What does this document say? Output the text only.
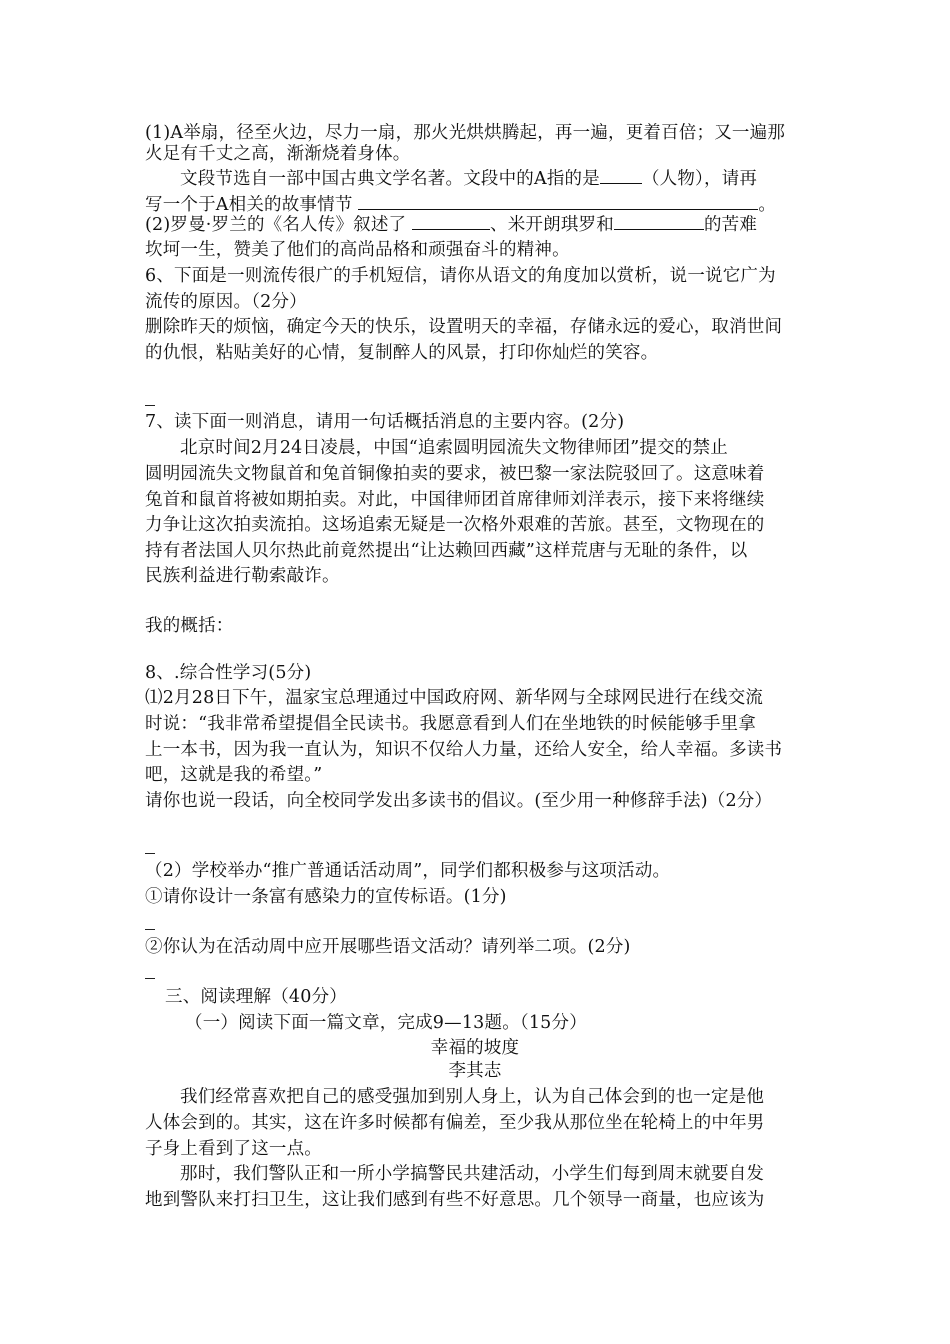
(1)A举扇，径至火边，尽力一扇，那火光烘烘腾起，再一遍，更着百倍；又一遍那
火足有千丈之高，渐渐烧着身体。
文段节选自一部中国古典文学名著。文段中的A指的是 （人物），请再
写一个于A相关的故事情节	。
(2)罗曼·罗兰的《名人传》叙述了	、米开朗琪罗和	的苦难
坎坷一生，赞美了他们的高尚品格和顽强奋斗的精神。
6、下面是一则流传很广的手机短信，请你从语文的角度加以赏析，说一说它广为
流传的原因。（2分）
删除昨天的烦恼，确定今天的快乐，设置明天的幸福，存储永远的爱心，取消世间
的仇恨，粘贴美好的心情，复制醉人的风景，打印你灿烂的笑容。
7、读下面一则消息，请用一句话概括消息的主要内容。(2分)
北京时间2月24日凌晨，中国“追索圆明园流失文物律师团”提交的禁止
圆明园流失文物鼠首和兔首铜像拍卖的要求，被巴黎一家法院驳回了。这意味着
兔首和鼠首将被如期拍卖。对此，中国律师团首席律师刘洋表示，接下来将继续
力争让这次拍卖流拍。这场追索无疑是一次格外艰难的苦旅。甚至，文物现在的
持有者法国人贝尔热此前竟然提出“让达赖回西藏”这样荒唐与无耻的条件，以
民族利益进行勒索敲诈。
我的概括：
8、.综合性学习(5分)
⑴2月28日下午，温家宝总理通过中国政府网、新华网与全球网民进行在线交流
时说：“我非常希望提倡全民读书。我愿意看到人们在坐地铁的时候能够手里拿
上一本书，因为我一直认为，知识不仅给人力量，还给人安全，给人幸福。多读书
吧，这就是我的希望。”
请你也说一段话，向全校同学发出多读书的倡议。(至少用一种修辞手法)（2分）
（2）学校举办“推广普通话活动周”，同学们都积极参与这项活动。
①请你设计一条富有感染力的宣传标语。(1分)
②你认为在活动周中应开展哪些语文活动？请列举二项。(2分)
三、阅读理解（40分）
（一）阅读下面一篇文章，完成9—13题。（15分）
幸福的坡度
李其志
我们经常喜欢把自己的感受强加到别人身上，认为自己体会到的也一定是他
人体会到的。其实，这在许多时候都有偏差，至少我从那位坐在轮椅上的中年男
子身上看到了这一点。
那时，我们警队正和一所小学搞警民共建活动，小学生们每到周末就要自发
地到警队来打扫卫生，这让我们感到有些不好意思。几个领导一商量，也应该为
